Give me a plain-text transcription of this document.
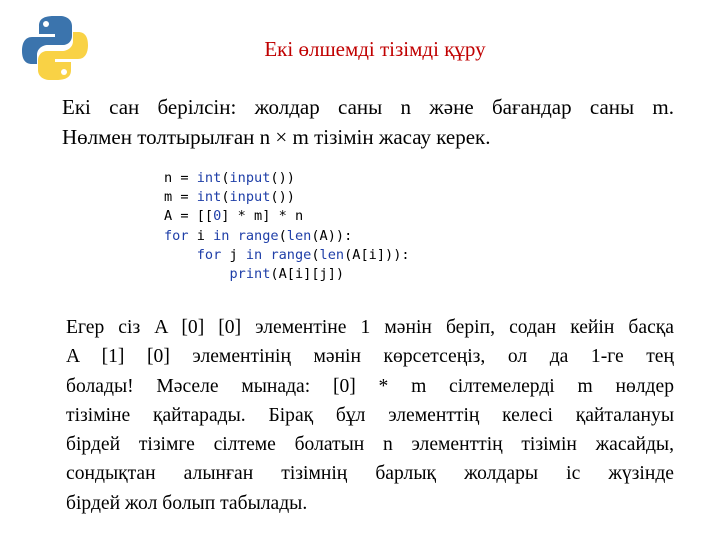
Екі өлшемді тізімді құру
Екі сан берілсін: жолдар саны n және бағандар саны m.
Нөлмен толтырылған n × m тізімін жасау керек.
n = int(input())
m = int(input())
A = [[0] * m] * n
for i in range(len(A)):
for j in range(len(A[i])):
print(A[i][j])
Егер сіз A [0] [0] элементіне 1 мәнін беріп, содан кейін басқа
A [1] [0] элементінің мәнін көрсетсеңіз, ол да 1-ге тең
болады! Мәселе мынада: [0] * m сілтемелерді m нөлдер
тізіміне қайтарады. Бірақ бұл элементтің келесі қайталануы
бірдей тізімге сілтеме болатын n элементтің тізімін жасайды,
сондықтан алынған тізімнің барлық жолдары іс жүзінде
бірдей жол болып табылады.
